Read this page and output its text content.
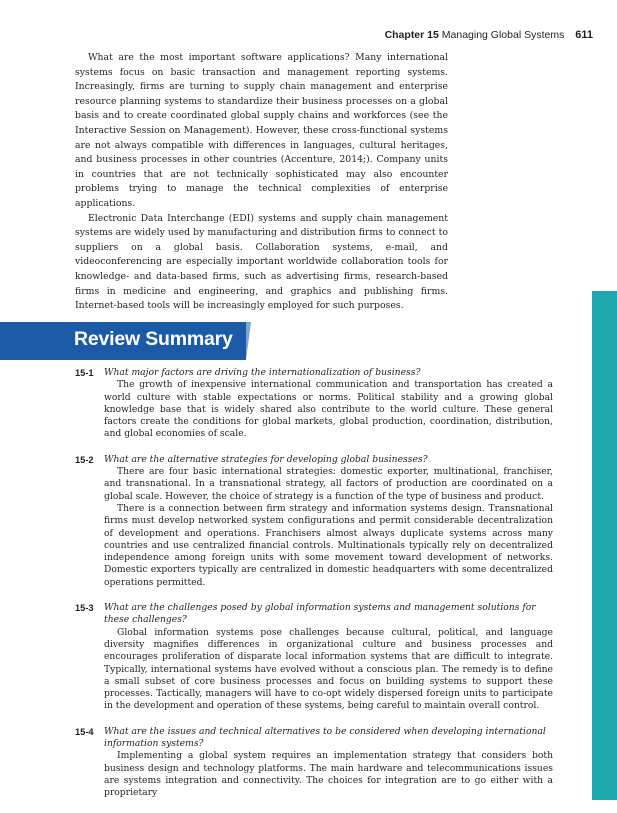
Chapter 15 Managing Global Systems 611

What are the most important software applications? Many international systems focus on basic transaction and management reporting systems. Increasingly, firms are turning to supply chain management and enterprise resource planning systems to standardize their business processes on a global basis and to create coordinated global supply chains and workforces (see the Interactive Session on Management). However, these cross-functional systems are not always compatible with differences in languages, cultural heritages, and business processes in other countries (Accenture, 2014;). Company units in countries that are not technically sophisticated may also encounter problems trying to manage the technical complexities of enterprise applications.

Electronic Data Interchange (EDI) systems and supply chain management systems are widely used by manufacturing and distribution firms to connect to suppliers on a global basis. Collaboration systems, e-mail, and videoconferencing are especially important worldwide collaboration tools for knowledge- and data-based firms, such as advertising firms, research-based firms in medicine and engineering, and graphics and publishing firms. Internet-based tools will be increasingly employed for such purposes.

Review Summary
15-1 What major factors are driving the internationalization of business?

The growth of inexpensive international communication and transportation has created a world culture with stable expectations or norms. Political stability and a growing global knowledge base that is widely shared also contribute to the world culture. These general factors create the conditions for global markets, global production, coordination, distribution, and global economies of scale.

15-2 What are the alternative strategies for developing global businesses?

There are four basic international strategies: domestic exporter, multinational, franchiser, and transnational. In a transnational strategy, all factors of production are coordinated on a global scale. However, the choice of strategy is a function of the type of business and product.

There is a connection between firm strategy and information systems design. Transnational firms must develop networked system configurations and permit considerable decentralization of development and operations. Franchisers almost always duplicate systems across many countries and use centralized financial controls. Multinationals typically rely on decentralized independence among foreign units with some movement toward development of networks. Domestic exporters typically are centralized in domestic headquarters with some decentralized operations permitted.

15-3 What are the challenges posed by global information systems and management solutions for these challenges?

Global information systems pose challenges because cultural, political, and language diversity magnifies differences in organizational culture and business processes and encourages proliferation of disparate local information systems that are difficult to integrate. Typically, international systems have evolved without a conscious plan. The remedy is to define a small subset of core business processes and focus on building systems to support these processes. Tactically, managers will have to co-opt widely dispersed foreign units to participate in the development and operation of these systems, being careful to maintain overall control.

15-4 What are the issues and technical alternatives to be considered when developing international information systems?

Implementing a global system requires an implementation strategy that considers both business design and technology platforms. The main hardware and telecommunications issues are systems integration and connectivity. The choices for integration are to go either with a proprietary
